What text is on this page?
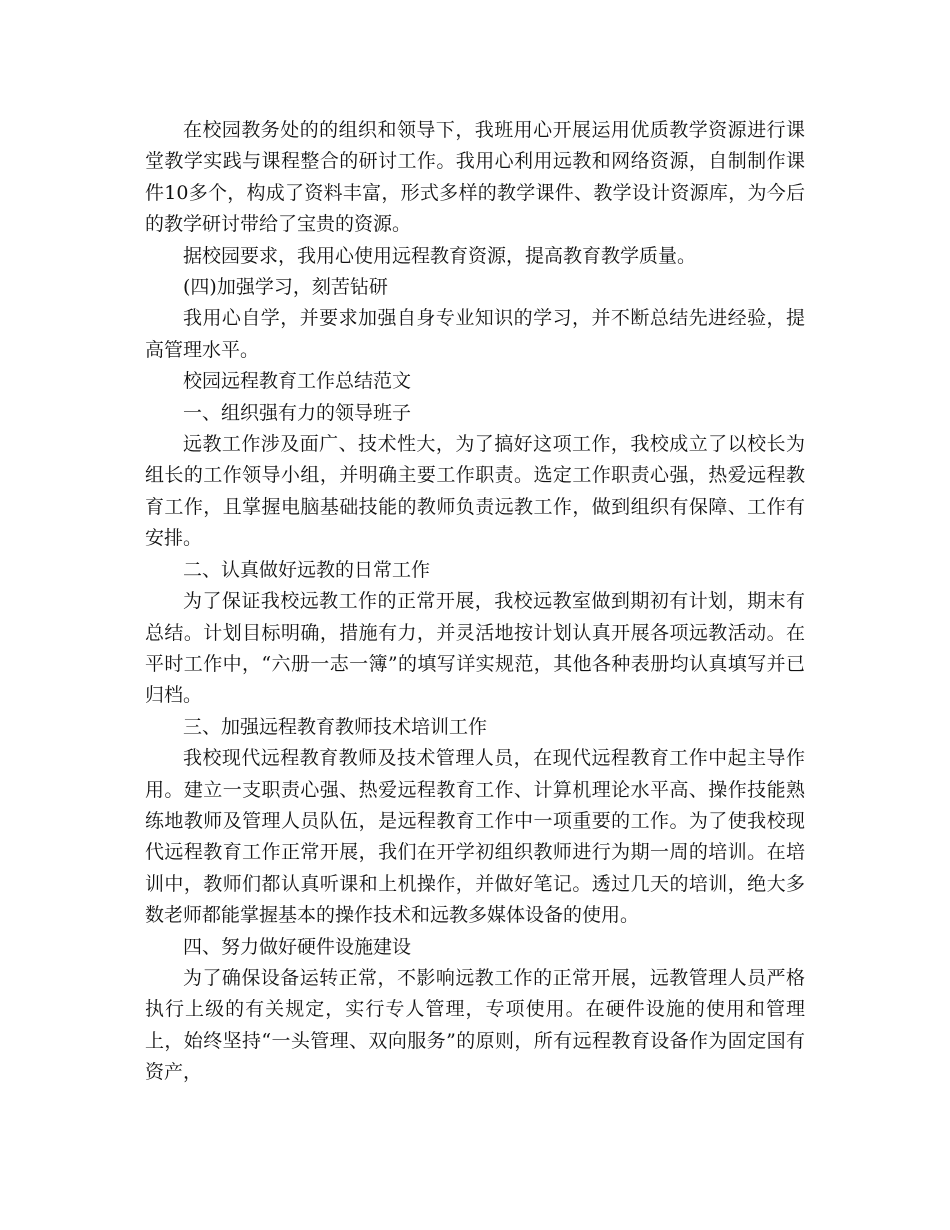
在校园教务处的的组织和领导下，我班用心开展运用优质教学资源进行课堂教学实践与课程整合的研讨工作。我用心利用远教和网络资源，自制制作课件10多个，构成了资料丰富，形式多样的教学课件、教学设计资源库，为今后的教学研讨带给了宝贵的资源。

据校园要求，我用心使用远程教育资源，提高教育教学质量。

(四)加强学习，刻苦钻研

我用心自学，并要求加强自身专业知识的学习，并不断总结先进经验，提高管理水平。

校园远程教育工作总结范文

一、组织强有力的领导班子

远教工作涉及面广、技术性大，为了搞好这项工作，我校成立了以校长为组长的工作领导小组，并明确主要工作职责。选定工作职责心强，热爱远程教育工作，且掌握电脑基础技能的教师负责远教工作，做到组织有保障、工作有安排。

二、认真做好远教的日常工作

为了保证我校远教工作的正常开展，我校远教室做到期初有计划，期末有总结。计划目标明确，措施有力，并灵活地按计划认真开展各项远教活动。在平时工作中，“六册一志一簿”的填写详实规范，其他各种表册均认真填写并已归档。

三、加强远程教育教师技术培训工作

我校现代远程教育教师及技术管理人员，在现代远程教育工作中起主导作用。建立一支职责心强、热爱远程教育工作、计算机理论水平高、操作技能熟练地教师及管理人员队伍，是远程教育工作中一项重要的工作。为了使我校现代远程教育工作正常开展，我们在开学初组织教师进行为期一周的培训。在培训中，教师们都认真听课和上机操作，并做好笔记。透过几天的培训，绝大多数老师都能掌握基本的操作技术和远教多媒体设备的使用。

四、努力做好硬件设施建设

为了确保设备运转正常，不影响远教工作的正常开展，远教管理人员严格执行上级的有关规定，实行专人管理，专项使用。在硬件设施的使用和管理上，始终坚持“一头管理、双向服务”的原则，所有远程教育设备作为固定国有资产，
